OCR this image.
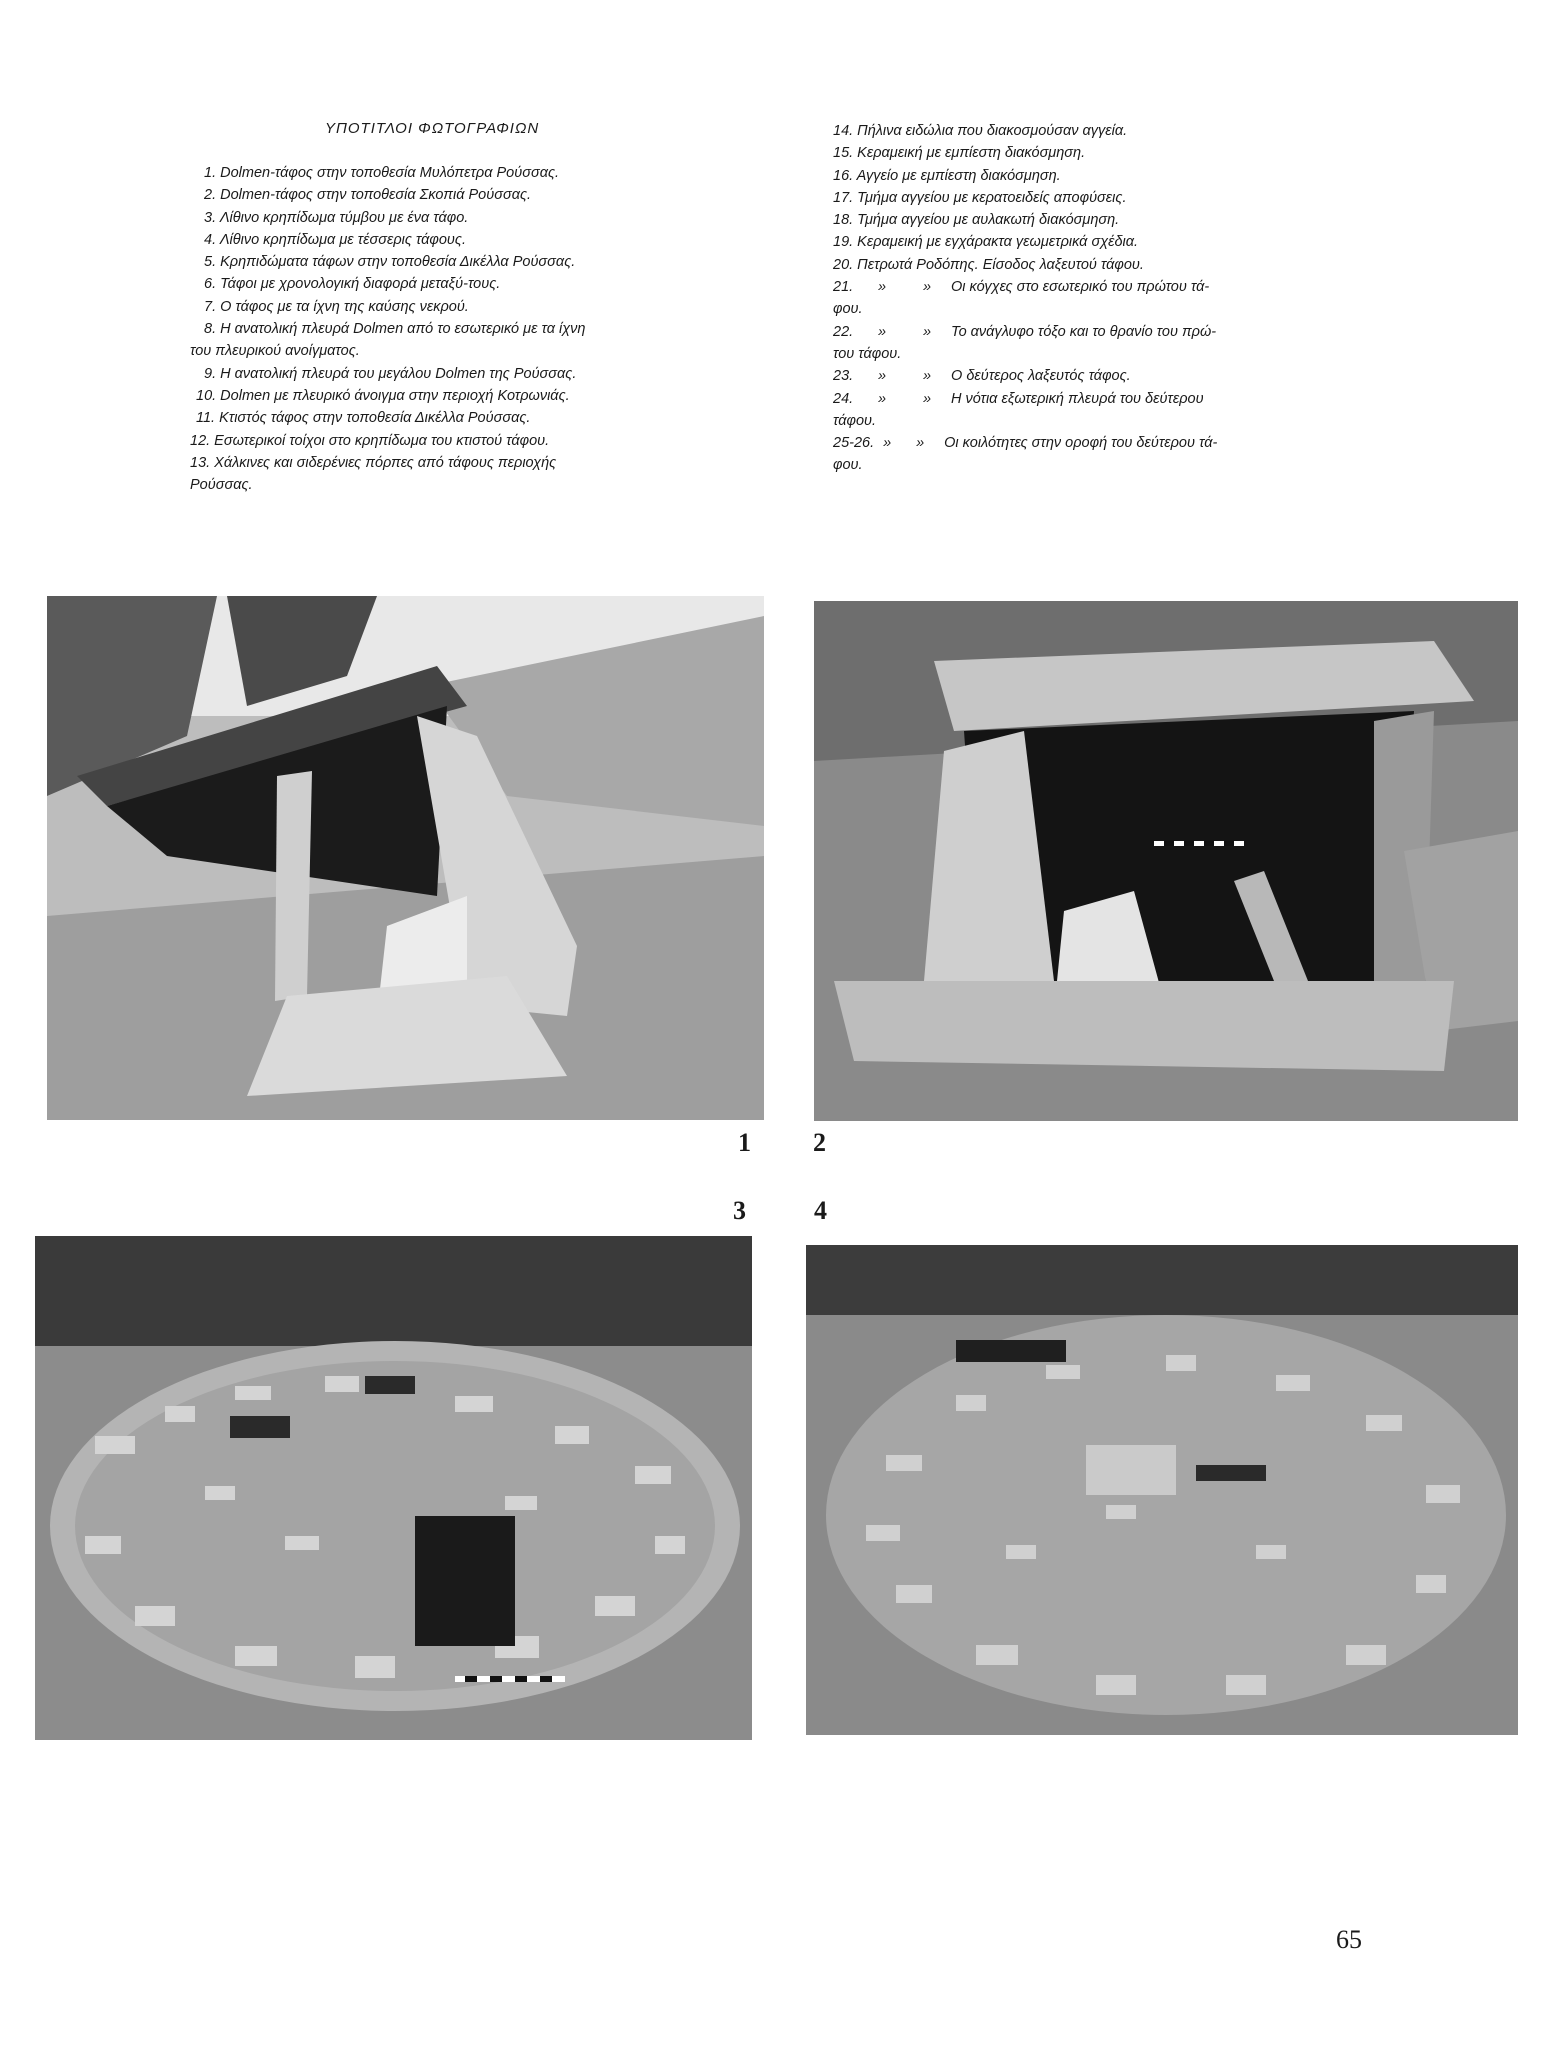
ΥΠΟΤΙΤΛΟΙ ΦΩΤΟΓΡΑΦΙΩΝ
1. Dolmen-τάφος στην τοποθεσία Μυλόπετρα Ρούσσας.
2. Dolmen-τάφος στην τοποθεσία Σκοπιά Ρούσσας.
3. Λίθινο κρηπίδωμα τύμβου με ένα τάφο.
4. Λίθινο κρηπίδωμα με τέσσερις τάφους.
5. Κρηπιδώματα τάφων στην τοποθεσία Δικέλλα Ρούσσας.
6. Τάφοι με χρονολογική διαφορά μεταξύ-τους.
7. Ο τάφος με τα ίχνη της καύσης νεκρού.
8. Η ανατολική πλευρά Dolmen από το εσωτερικό με τα ίχνη
του πλευρικού ανοίγματος.
9. Η ανατολική πλευρά του μεγάλου Dolmen της Ρούσσας.
10. Dolmen με πλευρικό άνοιγμα στην περιοχή Κοτρωνιάς.
11. Κτιστός τάφος στην τοποθεσία Δικέλλα Ρούσσας.
12. Εσωτερικοί τοίχοι στο κρηπίδωμα του κτιστού τάφου.
13. Χάλκινες και σιδερένιες πόρπες από τάφους περιοχής
Ρούσσας.
14. Πήλινα ειδώλια που διακοσμούσαν αγγεία.
15. Κεραμεική με εμπίεστη διακόσμηση.
16. Αγγείο με εμπίεστη διακόσμηση.
17. Τμήμα αγγείου με κερατοειδείς αποφύσεις.
18. Τμήμα αγγείου με αυλακωτή διακόσμηση.
19. Κεραμεική με εγχάρακτα γεωμετρικά σχέδια.
20. Πετρωτά Ροδόπης. Είσοδος λαξευτού τάφου.
21. »	» Οι κόγχες στο εσωτερικό του πρώτου τά-
φου.
22. »	» Το ανάγλυφο τόξο και το θρανίο του πρώ-
του τάφου.
23. »	» Ο δεύτερος λαξευτός τάφος.
24. »	» Η νότια εξωτερική πλευρά του δεύτερου
τάφου.
25-26. » » Οι κοιλότητες στην οροφή του δεύτερου τά-
φου.
1 2
3	4
65
